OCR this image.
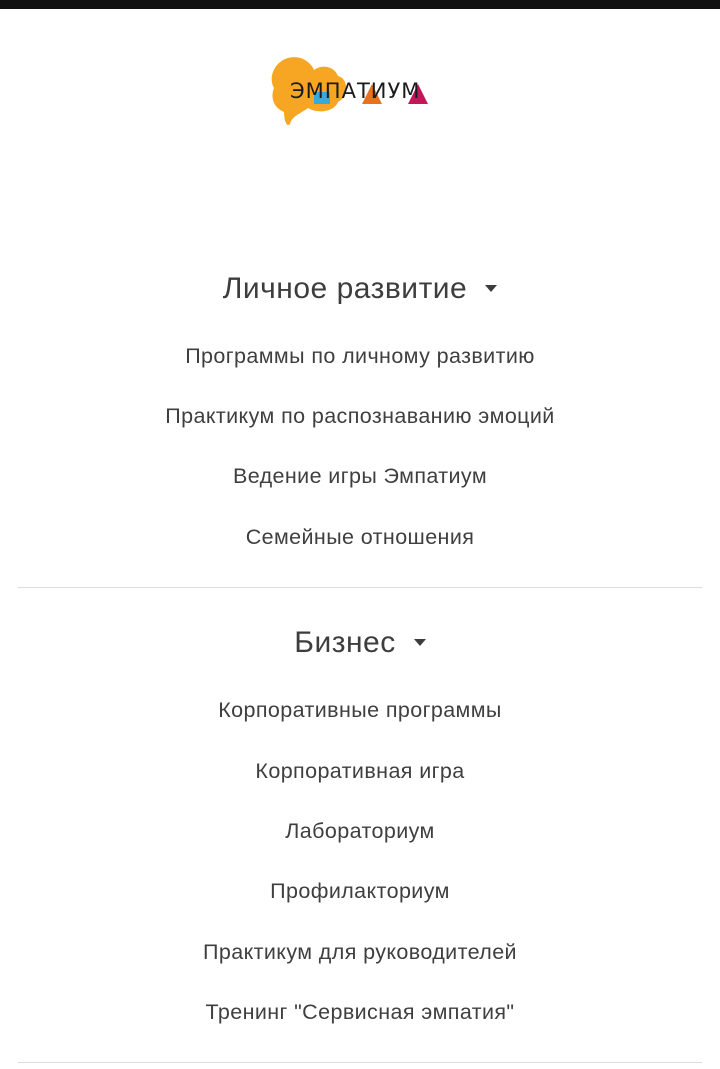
ЭМПАТИУМ
Личное развитие
Программы по личному развитию
Практикум по распознаванию эмоций
Ведение игры Эмпатиум
Семейные отношения
Бизнес
Корпоративные программы
Корпоративная игра
Лабораториум
Профилакториум
Практикум для руководителей
Тренинг "Сервисная эмпатия"
